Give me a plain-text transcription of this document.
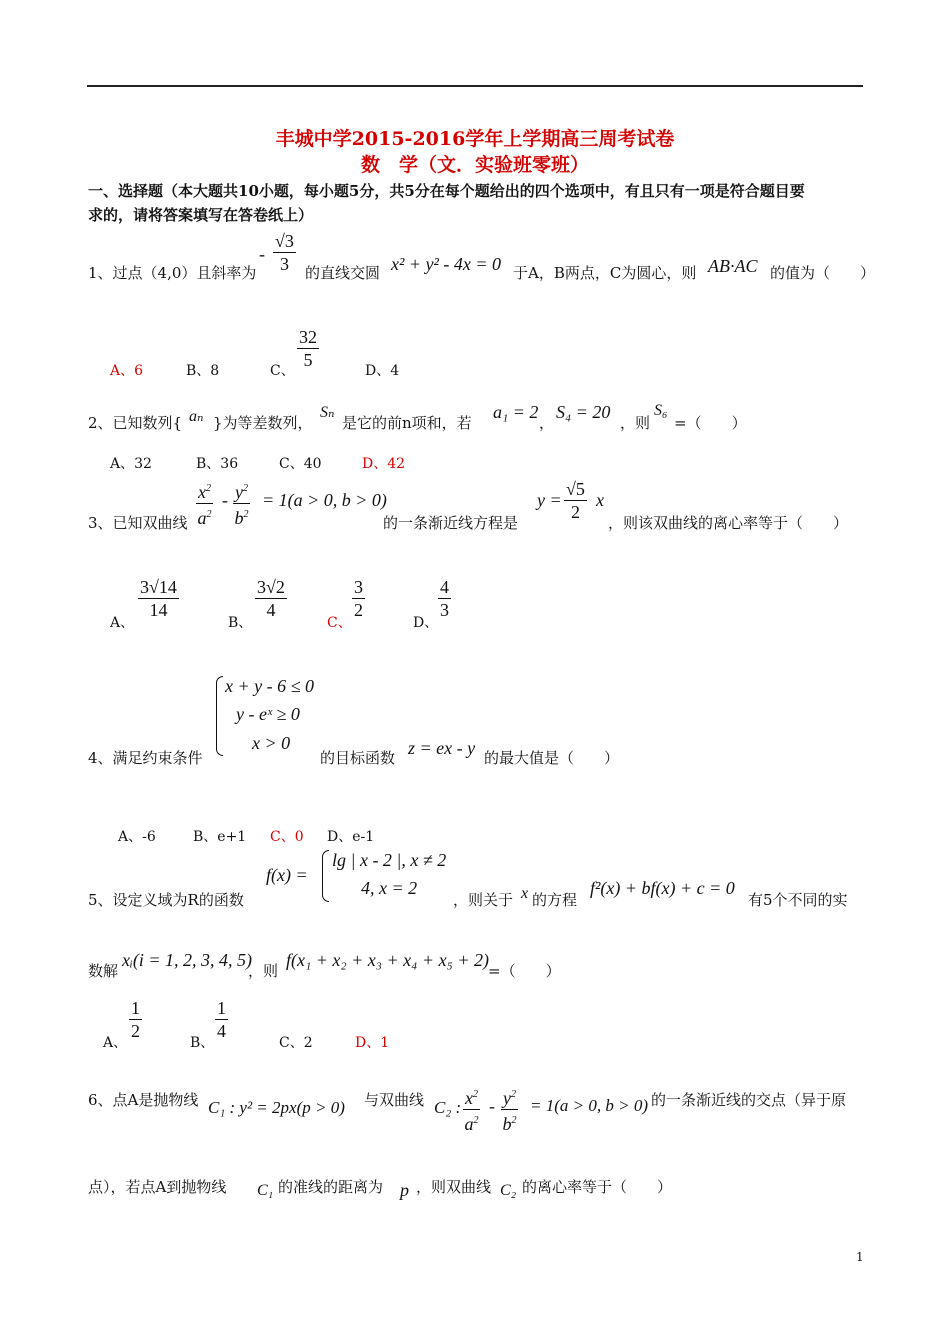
丰城中学2015-2016学年上学期高三周考试卷
数　学（文．实验班零班）
一、选择题（本大题共10小题，每小题5分，共5分在每个题给出的四个选项中，有且只有一项是符合题目要
求的，请将答案填写在答卷纸上）
1、过点（4,0）且斜率为
- $\frac{√3}{3}$ 的直线交圆 x² + y² - 4x = 0 于A，B两点，C为圆心，则 AB·AC 的值为（　　）
A、6	B、8	C、 $\frac{32}{5}$	D、4
2、已知数列{ aₙ }为等差数列，
Sₙ
是它的前n项和，若
a₁ = 2
，
S₄ = 20
，则
S₆
=（　　）
A、32	B、36	C、40	D、42
3、已知双曲线 $\frac{x^2}{a^2} - \frac{y^2}{b^2} = 1(a > 0$, b > 0)
的一条渐近线方程是
$y = \frac{√5}{2}$ x
，则该双曲线的离心率等于（　　）
A、
$\frac{3√14}{14}$
B、
$\frac{3√2}{4}$
C、
$\frac{3}{2}$
D、
$\frac{4}{3}$
x + y - 6 ≤ 0
y - eˣ ≥ 0
x > 0
4、满足约束条件	的目标函数 z = ex - y 的最大值是（　　）
A、-6	B、e+1 C、0 D、e-1
f(x) =
lg | x - 2 |, x ≠ 2
4, x = 2
5、设定义域为R的函数	，则关于 x 的方程
f²(x) + bf(x) + c = 0
有5个不同的实
数解
xᵢ(i = 1, 2, 3, 4, 5)
，则
f(x₁ + x₂ + x₃ + x₄ + x₅ + 2)
=（　　）
A、
$\frac{1}{2}$
B、
$\frac{1}{4}$
C、2	D、1
6、点A是抛物线 C₁ : y² = 2px(p > 0) 与双曲线 C₂ : $\frac{x^2}{a^2} - \frac{y^2}{b^2} = 1(a > 0$, b > 0) 的一条渐近线的交点（异于原
点），若点A到抛物线 C₁ 的准线的距离为 p ，则双曲线 C₂ 的离心率等于（　　）
1
